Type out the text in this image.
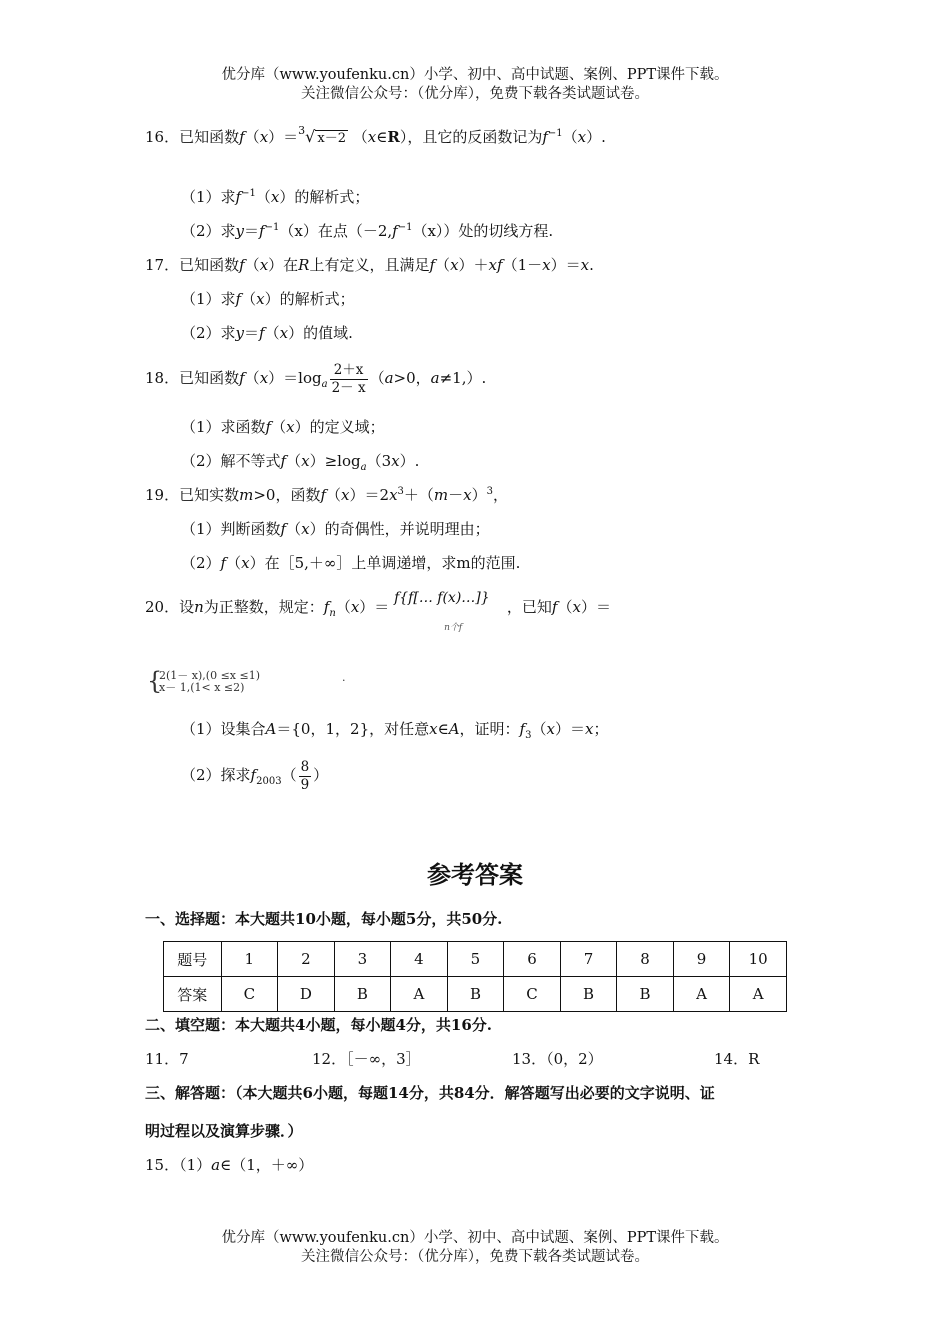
优分库（www.youfenku.cn）小学、初中、高中试题、案例、PPT课件下载。
关注微信公众号：（优分库），免费下载各类试题试卷。
16．已知函数f（x）＝$^3$√ x－2 （x∈R），且它的反函数记为$f^{-1}(x)$.
（1）求$f^{-1}(x)$的解析式；
（2）求$y=f^{-1}(x)$在点$(-2,f^{-1}(x))$处的切线方程.
17．已知函数f（x）在R上有定义，且满足f（x）＋xf（1－x）＝x.
（1）求f（x）的解析式；
（2）求y＝f（x）的值域.
18．已知函数$f(x)=\log_a \frac{2+x}{2- x} (a>0$，a≠1,）.
（1）求函数f（x）的定义域；
（2）解不等式$f(x)\ge\log_a(3x)$.
19．已知实数m>0，函数$f(x)=2x^3+(m-x)^3$，
（1）判断函数f（x）的奇偶性，并说明理由；
（2）f（x）在［5,＋∞］上单调递增，求m的范围.
20．设n为正整数，规定：$f_n(x)=$ f{f[… f(x)…]}
n个f
，已知f（x）＝
{
2(1－ x),(0 ≤x ≤1)
x－ 1,(1< x ≤2)
.
（1）设集合A＝{0，1，2}，对任意x∈A，证明：$f_3(x)=x$；
（2）探求$f_{2003}( \frac{8}{9}$ ）
参考答案
一、选择题：本大题共10小题，每小题5分，共50分.
题号	1	2	3	4	5	6	7	8	9	10
答案	C	D	B	A	B	C	B	B	A	A
二、填空题：本大题共4小题，每小题4分，共16分.
11．7	12．［－∞，3］	13．（0，2）	14．R
三、解答题：（本大题共6小题，每题14分，共84分．解答题写出必要的文字说明、证
明过程以及演算步骤．）
15．（1）a∈（1，＋∞）
优分库（www.youfenku.cn）小学、初中、高中试题、案例、PPT课件下载。
关注微信公众号：（优分库），免费下载各类试题试卷。
